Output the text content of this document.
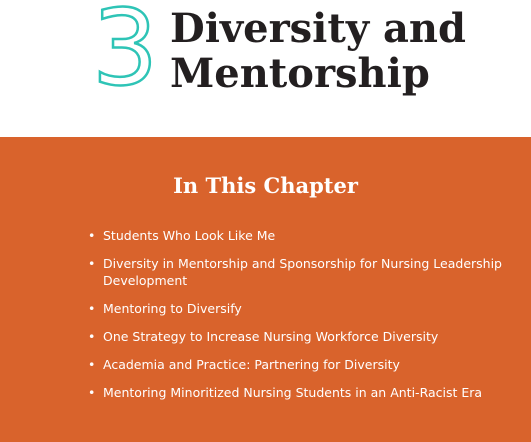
3 Diversity and
Mentorship
In This Chapter
• Students Who Look Like Me
• Diversity in Mentorship and Sponsorship for Nursing Leadership Development
• Mentoring to Diversify
• One Strategy to Increase Nursing Workforce Diversity
• Academia and Practice: Partnering for Diversity
• Mentoring Minoritized Nursing Students in an Anti-Racist Era
